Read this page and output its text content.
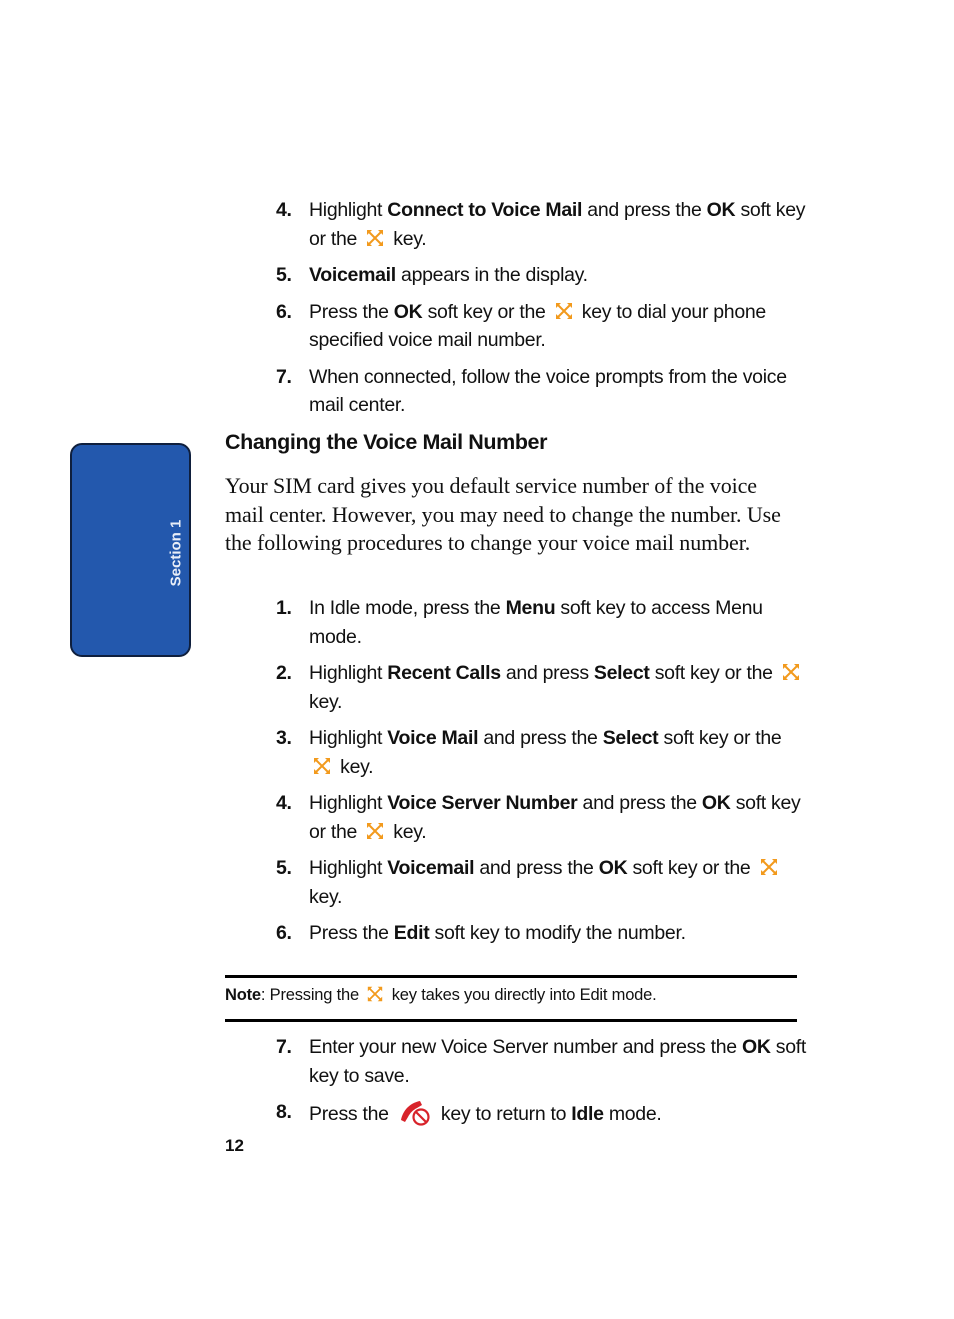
Section 1
4. Highlight Connect to Voice Mail and press the OK soft key or the  key.
5. Voicemail appears in the display.
6. Press the OK soft key or the  key to dial your phone specified voice mail number.
7. When connected, follow the voice prompts from the voice mail center.
Changing the Voice Mail Number
Your SIM card gives you default service number of the voice mail center. However, you may need to change the number. Use the following procedures to change your voice mail number.
1. In Idle mode, press the Menu soft key to access Menu mode.
2. Highlight Recent Calls and press Select soft key or the  key.
3. Highlight Voice Mail and press the Select soft key or the  key.
4. Highlight Voice Server Number and press the OK soft key or the  key.
5. Highlight Voicemail and press the OK soft key or the  key.
6. Press the Edit soft key to modify the number.
Note: Pressing the  key takes you directly into Edit mode.
7. Enter your new Voice Server number and press the OK soft key to save.
8. Press the  key to return to Idle mode.
12
